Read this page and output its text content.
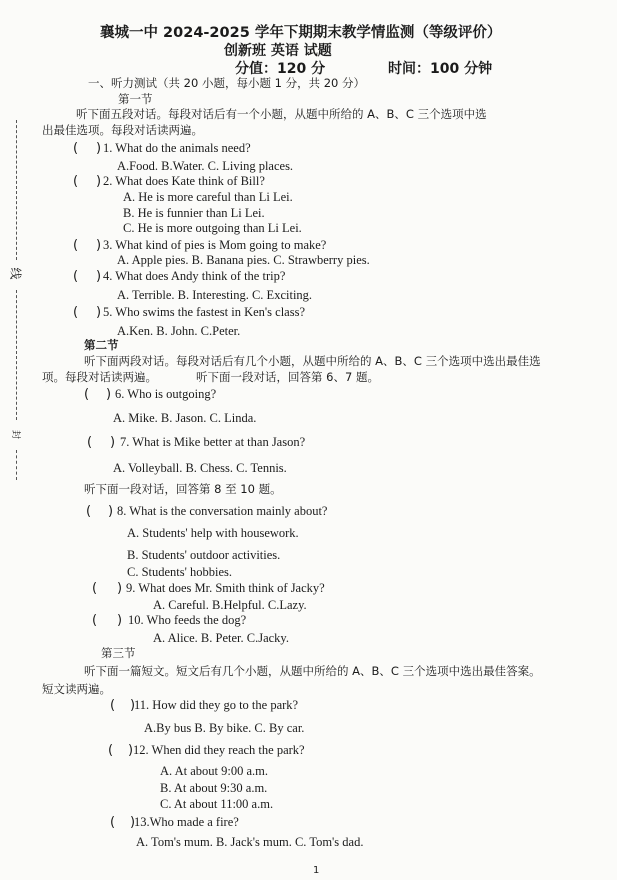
线
封
襄城一中 2024-2025 学年下期期末教学情监测（等级评价）
创新班 英语 试题
分值：120 分	时间：100 分钟
一、听力测试（共 20 小题，每小题 1 分，共 20 分）
第一节
听下面五段对话。每段对话后有一个小题，从题中所给的 A、B、C 三个选项中选
出最佳选项。每段对话读两遍。
( ) 1. What do the animals need?
A.Food. B.Water. C. Living places.
( ) 2. What does Kate think of Bill?
A. He is more careful than Li Lei.
B. He is funnier than Li Lei.
C. He is more outgoing than Li Lei.
( ) 3. What kind of pies is Mom going to make?
A. Apple pies. B. Banana pies. C. Strawberry pies.
( ) 4. What does Andy think of the trip?
A. Terrible. B. Interesting. C. Exciting.
( ) 5. Who swims the fastest in Ken's class?
A.Ken. B. John. C.Peter.
第二节
听下面两段对话。每段对话后有几个小题，从题中所给的 A、B、C 三个选项中选出最佳选
项。每段对话读两遍。	听下面一段对话，回答第 6、7 题。
( ) 6. Who is outgoing?
A. Mike. B. Jason. C. Linda.
( ) 7. What is Mike better at than Jason?
A. Volleyball. B. Chess. C. Tennis.
听下面一段对话，回答第 8 至 10 题。
( ) 8. What is the conversation mainly about?
A. Students' help with housework.
B. Students' outdoor activities.
C. Students' hobbies.
( ) 9. What does Mr. Smith think of Jacky?
A. Careful. B.Helpful. C.Lazy.
( ) 10. Who feeds the dog?
A. Alice. B. Peter. C.Jacky.
第三节
听下面一篇短文。短文后有几个小题，从题中所给的 A、B、C 三个选项中选出最佳答案。
短文读两遍。
( )
11. How did they go to the park?
A.By bus B. By bike. C. By car.
( ) 12. When did they reach the park?
A. At about 9:00 a.m.
B. At about 9:30 a.m.
C. At about 11:00 a.m.
( )
13.Who made a fire?
A. Tom's mum. B. Jack's mum. C. Tom's dad.
1
